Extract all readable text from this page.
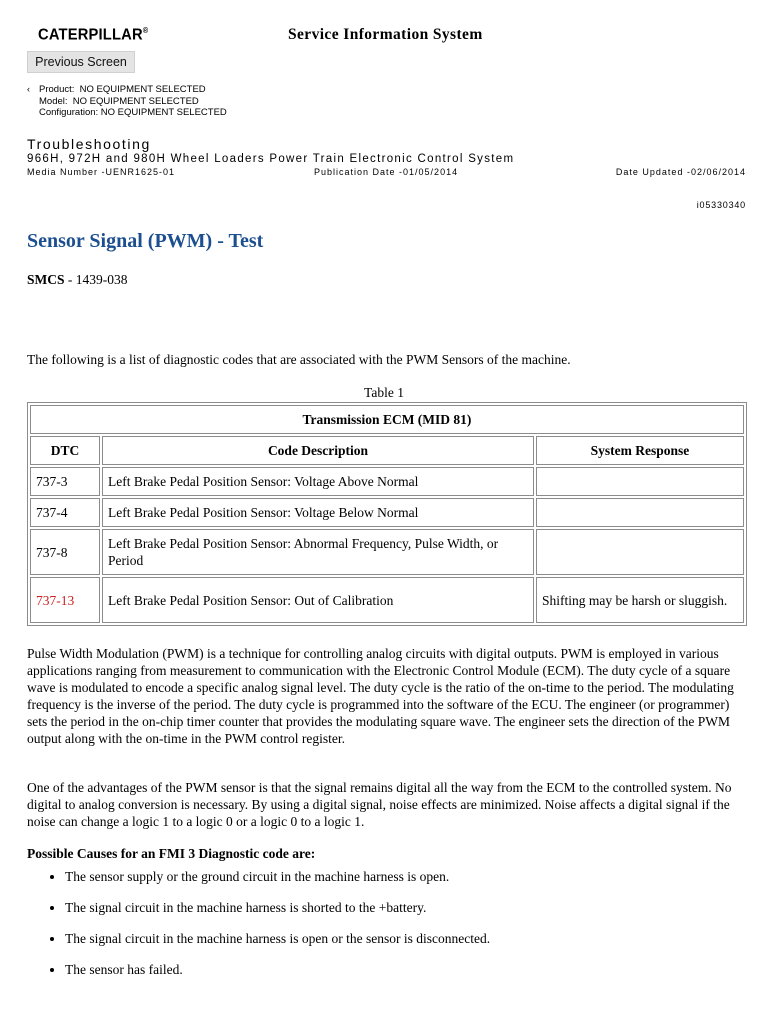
CATERPILLAR®	Service Information System
Previous Screen
‹ Product: NO EQUIPMENT SELECTED
Model: NO EQUIPMENT SELECTED
Configuration: NO EQUIPMENT SELECTED
Troubleshooting
966H, 972H and 980H Wheel Loaders Power Train Electronic Control System
Media Number -UENR1625-01	Publication Date -01/05/2014	Date Updated -02/06/2014
i05330340
Sensor Signal (PWM) - Test
SMCS - 1439-038
The following is a list of diagnostic codes that are associated with the PWM Sensors of the machine.
Table 1
Transmission ECM (MID 81)		
DTC	Code Description	System Response
737-3	Left Brake Pedal Position Sensor: Voltage Above Normal	
737-4	Left Brake Pedal Position Sensor: Voltage Below Normal	
737-8	Left Brake Pedal Position Sensor: Abnormal Frequency, Pulse Width, or Period	
737-13	Left Brake Pedal Position Sensor: Out of Calibration	Shifting may be harsh or sluggish.
Pulse Width Modulation (PWM) is a technique for controlling analog circuits with digital outputs. PWM is employed in various applications ranging from measurement to communication with the Electronic Control Module (ECM). The duty cycle of a square wave is modulated to encode a specific analog signal level. The duty cycle is the ratio of the on-time to the period. The modulating frequency is the inverse of the period. The duty cycle is programmed into the software of the ECU. The engineer (or programmer) sets the period in the on-chip timer counter that provides the modulating square wave. The engineer sets the direction of the PWM output along with the on-time in the PWM control register.
One of the advantages of the PWM sensor is that the signal remains digital all the way from the ECM to the controlled system. No digital to analog conversion is necessary. By using a digital signal, noise effects are minimized. Noise affects a digital signal if the noise can change a logic 1 to a logic 0 or a logic 0 to a logic 1.
Possible Causes for an FMI 3 Diagnostic code are:
• The sensor supply or the ground circuit in the machine harness is open.
• The signal circuit in the machine harness is shorted to the +battery.
• The signal circuit in the machine harness is open or the sensor is disconnected.
• The sensor has failed.
